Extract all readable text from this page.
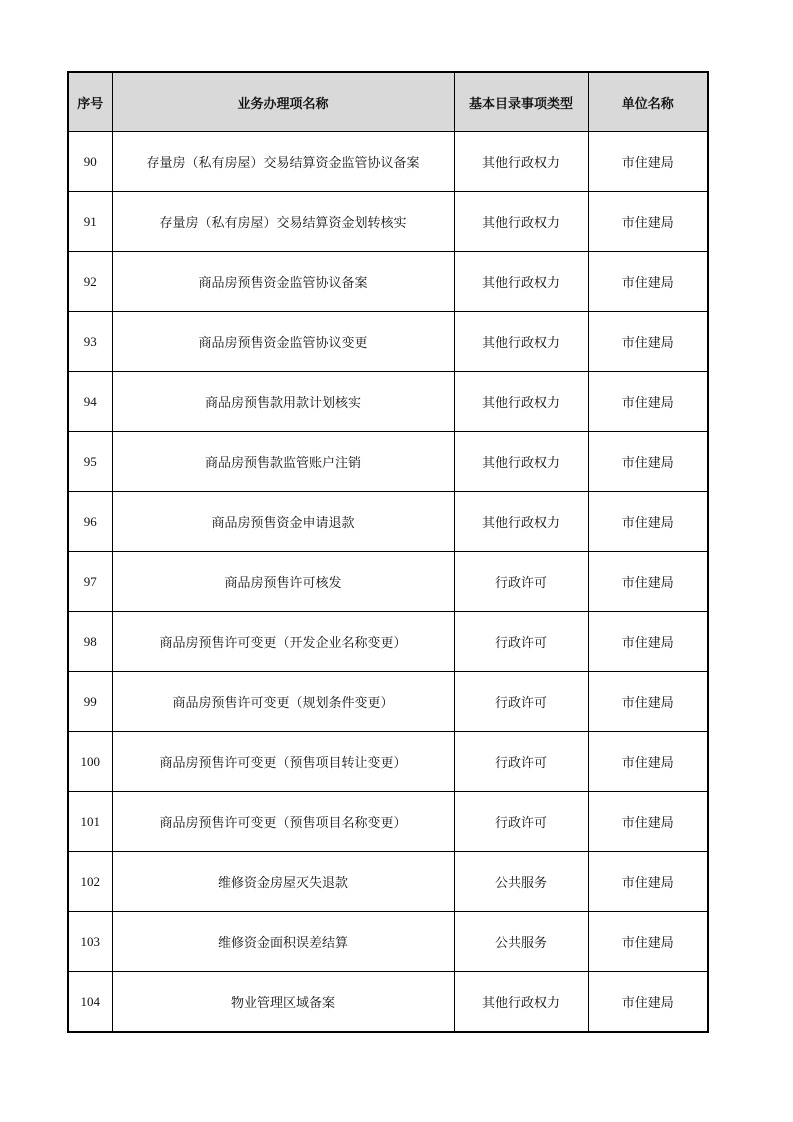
序号	业务办理项名称	基本目录事项类型	单位名称
90	存量房（私有房屋）交易结算资金监管协议备案	其他行政权力	市住建局
91	存量房（私有房屋）交易结算资金划转核实	其他行政权力	市住建局
92	商品房预售资金监管协议备案	其他行政权力	市住建局
93	商品房预售资金监管协议变更	其他行政权力	市住建局
94	商品房预售款用款计划核实	其他行政权力	市住建局
95	商品房预售款监管账户注销	其他行政权力	市住建局
96	商品房预售资金申请退款	其他行政权力	市住建局
97	商品房预售许可核发	行政许可	市住建局
98	商品房预售许可变更（开发企业名称变更）	行政许可	市住建局
99	商品房预售许可变更（规划条件变更）	行政许可	市住建局
100	商品房预售许可变更（预售项目转让变更）	行政许可	市住建局
101	商品房预售许可变更（预售项目名称变更）	行政许可	市住建局
102	维修资金房屋灭失退款	公共服务	市住建局
103	维修资金面积误差结算	公共服务	市住建局
104	物业管理区域备案	其他行政权力	市住建局
